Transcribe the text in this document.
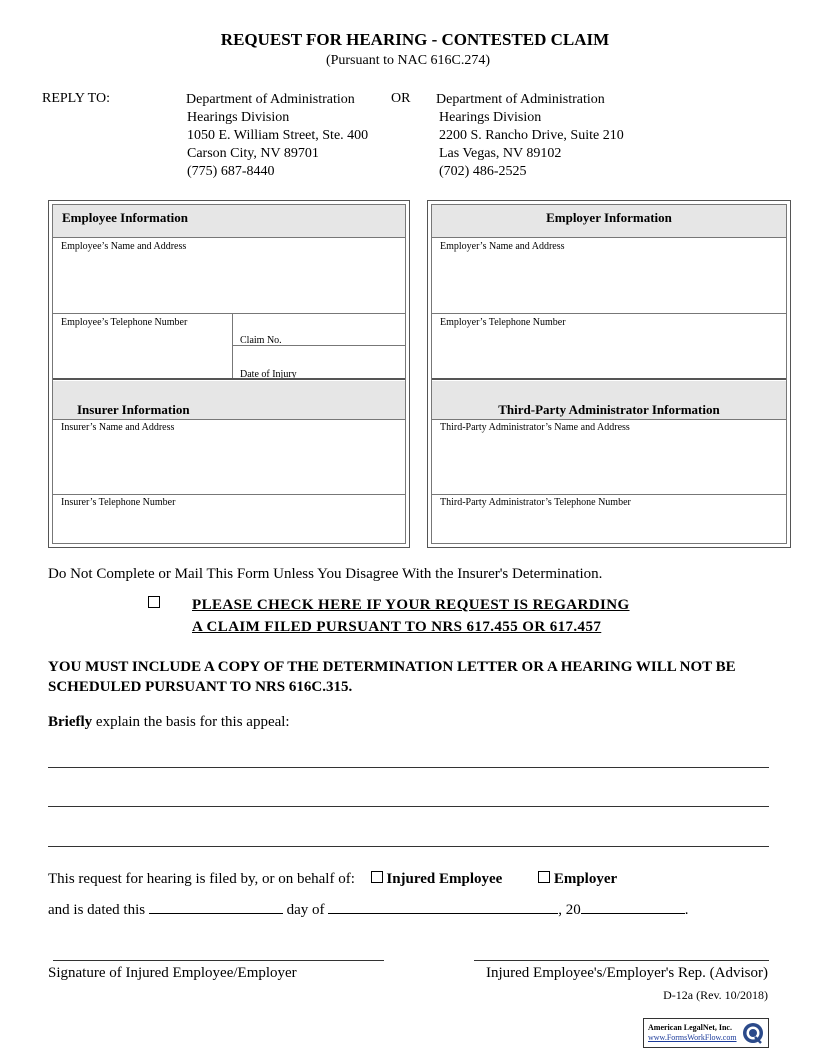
REQUEST FOR HEARING - CONTESTED CLAIM
(Pursuant to NAC 616C.274)
REPLY TO:	Department of Administration
Hearings Division
1050 E. William Street, Ste. 400
Carson City, NV 89701
(775) 687-8440
OR Department of Administration
Hearings Division
2200 S. Rancho Drive, Suite 210
Las Vegas, NV 89102
(702) 486-2525
Employee Information
Employee’s Name and Address
Employee’s Telephone Number
Claim No.
Date of Injury
Insurer Information
Insurer’s Name and Address
Insurer’s Telephone Number
Employer Information
Employer’s Name and Address
Employer’s Telephone Number
Third-Party Administrator Information
Third-Party Administrator’s Name and Address
Third-Party Administrator’s Telephone Number
Do Not Complete or Mail This Form Unless You Disagree With the Insurer's Determination.
PLEASE CHECK HERE IF YOUR REQUEST IS REGARDING
A CLAIM FILED PURSUANT TO NRS 617.455 OR 617.457
YOU MUST INCLUDE A COPY OF THE DETERMINATION LETTER OR A HEARING WILL NOT BE SCHEDULED PURSUANT TO NRS 616C.315.
Briefly explain the basis for this appeal:
This request for hearing is filed by, or on behalf of: Injured Employee	Employer
and is dated this	day of	, 20	.
Signature of Injured Employee/Employer	Injured Employee's/Employer's Rep. (Advisor)
D-12a (Rev. 10/2018)
American LegalNet, Inc.
www.FormsWorkFlow.com
